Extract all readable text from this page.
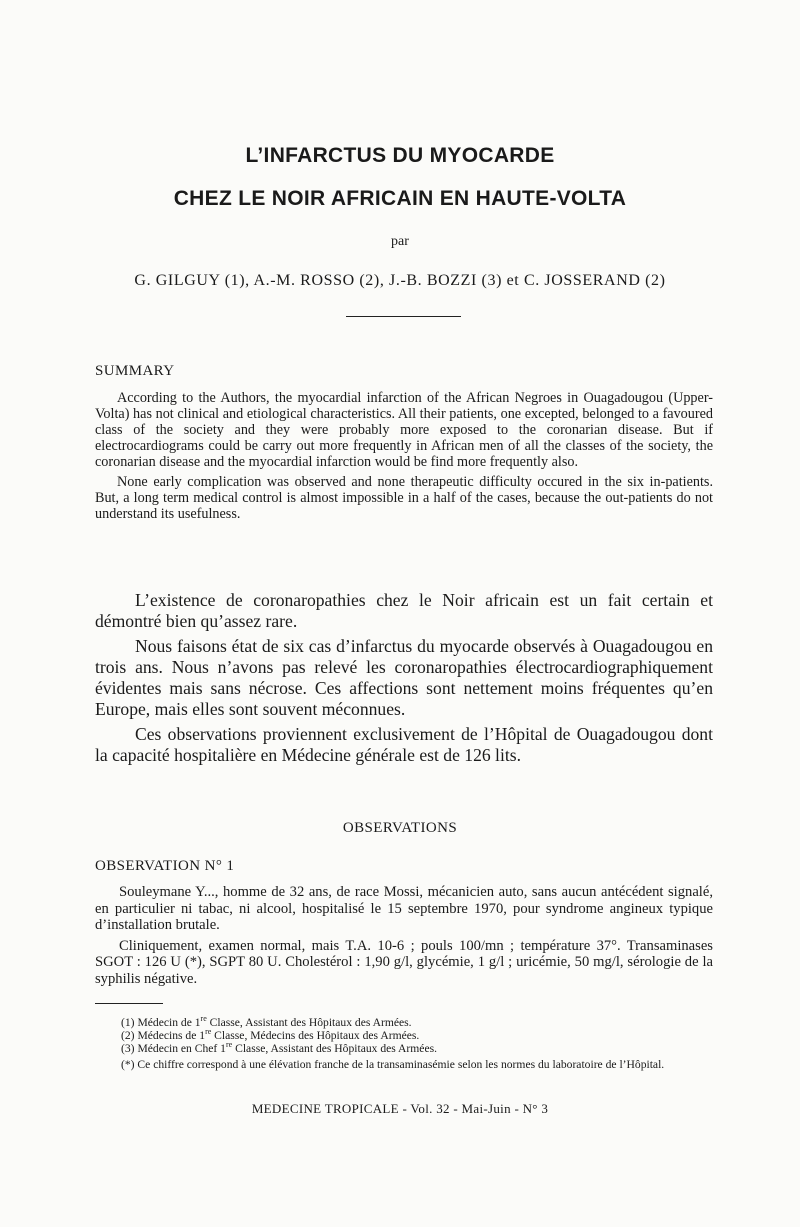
L’INFARCTUS DU MYOCARDE
CHEZ LE NOIR AFRICAIN EN HAUTE-VOLTA
par
G. GILGUY (1), A.-M. ROSSO (2), J.-B. BOZZI (3) et C. JOSSERAND (2)
SUMMARY

According to the Authors, the myocardial infarction of the African Negroes in Ouagadougou (Upper-Volta) has not clinical and etiological characteristics. All their patients, one excepted, belonged to a favoured class of the society and they were probably more exposed to the coronarian disease. But if electrocardiograms could be carry out more frequently in African men of all the classes of the society, the coronarian disease and the myocardial infarction would be find more frequently also.

None early complication was observed and none therapeutic difficulty occured in the six in-patients. But, a long term medical control is almost impossible in a half of the cases, because the out-patients do not understand its usefulness.

L’existence de coronaropathies chez le Noir africain est un fait certain et démontré bien qu’assez rare.

Nous faisons état de six cas d’infarctus du myocarde observés à Ouagadougou en trois ans. Nous n’avons pas relevé les coronaropathies électrocardiographiquement évidentes mais sans nécrose. Ces affections sont nettement moins fréquentes qu’en Europe, mais elles sont souvent méconnues.

Ces observations proviennent exclusivement de l’Hôpital de Ouagadougou dont la capacité hospitalière en Médecine générale est de 126 lits.

OBSERVATIONS
OBSERVATION N° 1

Souleymane Y..., homme de 32 ans, de race Mossi, mécanicien auto, sans aucun antécédent signalé, en particulier ni tabac, ni alcool, hospitalisé le 15 septembre 1970, pour syndrome angineux typique d’installation brutale.

Cliniquement, examen normal, mais T.A. 10-6 ; pouls 100/mn ; température 37°. Transaminases SGOT : 126 U (*), SGPT 80 U. Cholestérol : 1,90 g/l, glycémie, 1 g/l ; uricémie, 50 mg/l, sérologie de la syphilis négative.

(1) Médecin de 1re Classe, Assistant des Hôpitaux des Armées.
(2) Médecins de 1re Classe, Médecins des Hôpitaux des Armées.
(3) Médecin en Chef 1re Classe, Assistant des Hôpitaux des Armées.
(*) Ce chiffre correspond à une élévation franche de la transaminasémie selon les normes du laboratoire de l’Hôpital.
MEDECINE TROPICALE - Vol. 32 - Mai-Juin - N° 3
